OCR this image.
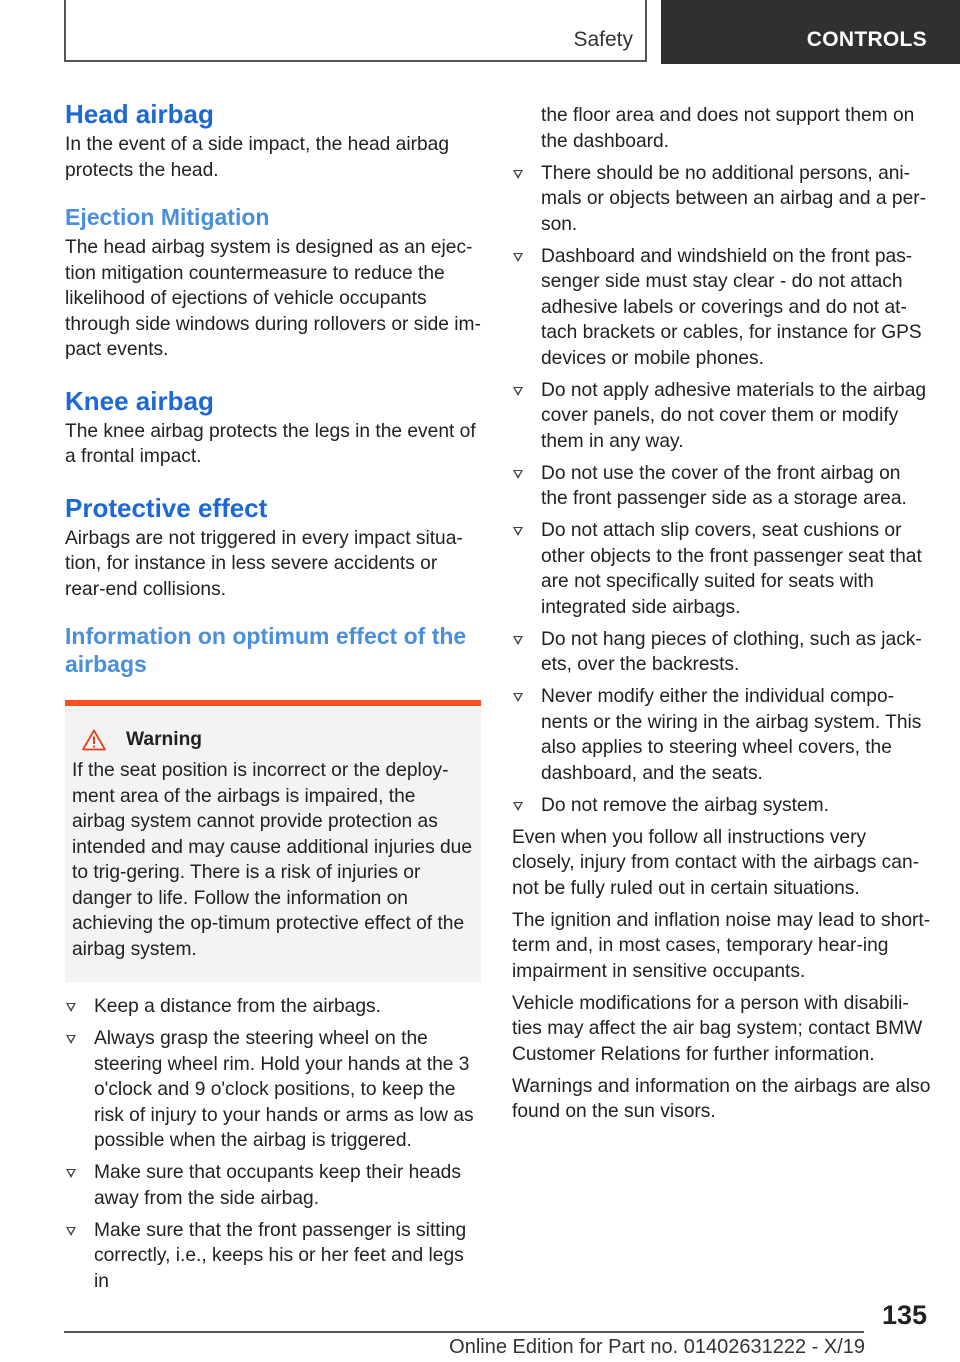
Safety	CONTROLS
Head airbag

In the event of a side impact, the head airbag protects the head.

Ejection Mitigation

The head airbag system is designed as an ejec-tion mitigation countermeasure to reduce the likelihood of ejections of vehicle occupants through side windows during rollovers or side im-pact events.

Knee airbag

The knee airbag protects the legs in the event of a frontal impact.

Protective effect

Airbags are not triggered in every impact situa-tion, for instance in less severe accidents or rear-end collisions.

Information on optimum effect of the airbags
Warning

If the seat position is incorrect or the deploy-ment area of the airbags is impaired, the airbag system cannot provide protection as intended and may cause additional injuries due to trig-gering. There is a risk of injuries or danger to life. Follow the information on achieving the op-timum protective effect of the airbag system.

Keep a distance from the airbags.
Always grasp the steering wheel on the steering wheel rim. Hold your hands at the 3 o'clock and 9 o'clock positions, to keep the risk of injury to your hands or arms as low as possible when the airbag is triggered.
Make sure that occupants keep their heads away from the side airbag.
Make sure that the front passenger is sitting correctly, i.e., keeps his or her feet and legs in
the floor area and does not support them on the dashboard.
There should be no additional persons, ani-mals or objects between an airbag and a per-son.
Dashboard and windshield on the front pas-senger side must stay clear - do not attach adhesive labels or coverings and do not at-tach brackets or cables, for instance for GPS devices or mobile phones.
Do not apply adhesive materials to the airbag cover panels, do not cover them or modify them in any way.
Do not use the cover of the front airbag on the front passenger side as a storage area.
Do not attach slip covers, seat cushions or other objects to the front passenger seat that are not specifically suited for seats with integrated side airbags.
Do not hang pieces of clothing, such as jack-ets, over the backrests.
Never modify either the individual compo-nents or the wiring in the airbag system. This also applies to steering wheel covers, the dashboard, and the seats.
Do not remove the airbag system.

Even when you follow all instructions very closely, injury from contact with the airbags can-not be fully ruled out in certain situations.

The ignition and inflation noise may lead to short-term and, in most cases, temporary hear-ing impairment in sensitive occupants.

Vehicle modifications for a person with disabili-ties may affect the air bag system; contact BMW Customer Relations for further information.

Warnings and information on the airbags are also found on the sun visors.

135
Online Edition for Part no. 01402631222 - X/19
